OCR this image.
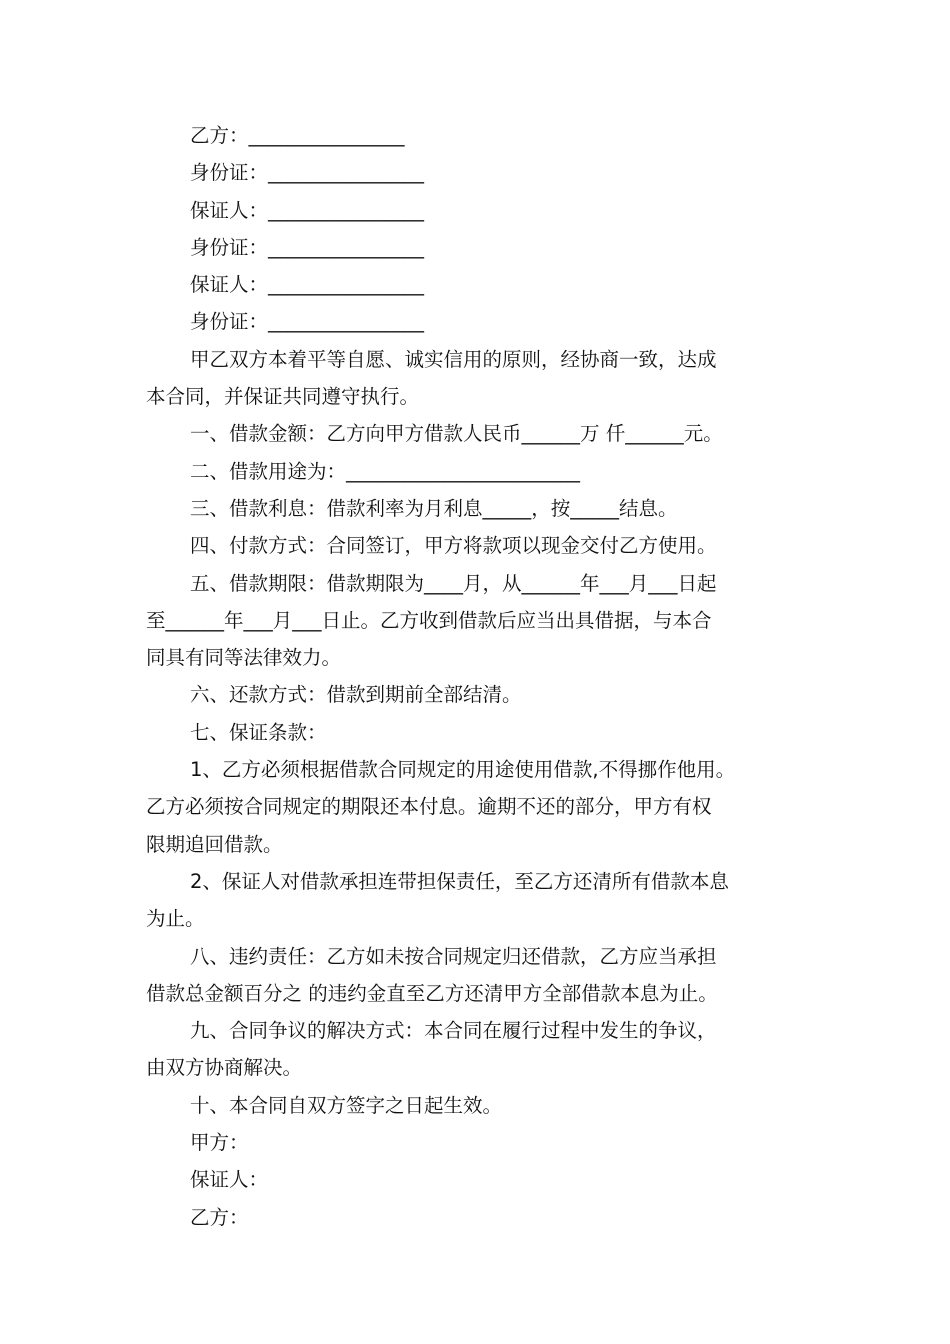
乙方：________________

身份证：________________

保证人：________________

身份证：________________

保证人：________________

身份证：________________

甲乙双方本着平等自愿、诚实信用的原则，经协商一致，达成

本合同，并保证共同遵守执行。

一、借款金额：乙方向甲方借款人民币______万 仟______元。

二、借款用途为：________________________

三、借款利息：借款利率为月利息_____，按_____结息。

四、付款方式：合同签订，甲方将款项以现金交付乙方使用。

五、借款期限：借款期限为____月，从______年___月___日起

至______年___月___日止。乙方收到借款后应当出具借据，与本合

同具有同等法律效力。

六、还款方式：借款到期前全部结清。

七、保证条款：

1、乙方必须根据借款合同规定的用途使用借款,不得挪作他用。

乙方必须按合同规定的期限还本付息。逾期不还的部分，甲方有权

限期追回借款。

2、保证人对借款承担连带担保责任，至乙方还清所有借款本息

为止。

八、违约责任：乙方如未按合同规定归还借款，乙方应当承担

借款总金额百分之 的违约金直至乙方还清甲方全部借款本息为止。

九、合同争议的解决方式：本合同在履行过程中发生的争议，

由双方协商解决。

十、本合同自双方签字之日起生效。

甲方：

保证人：

乙方：
